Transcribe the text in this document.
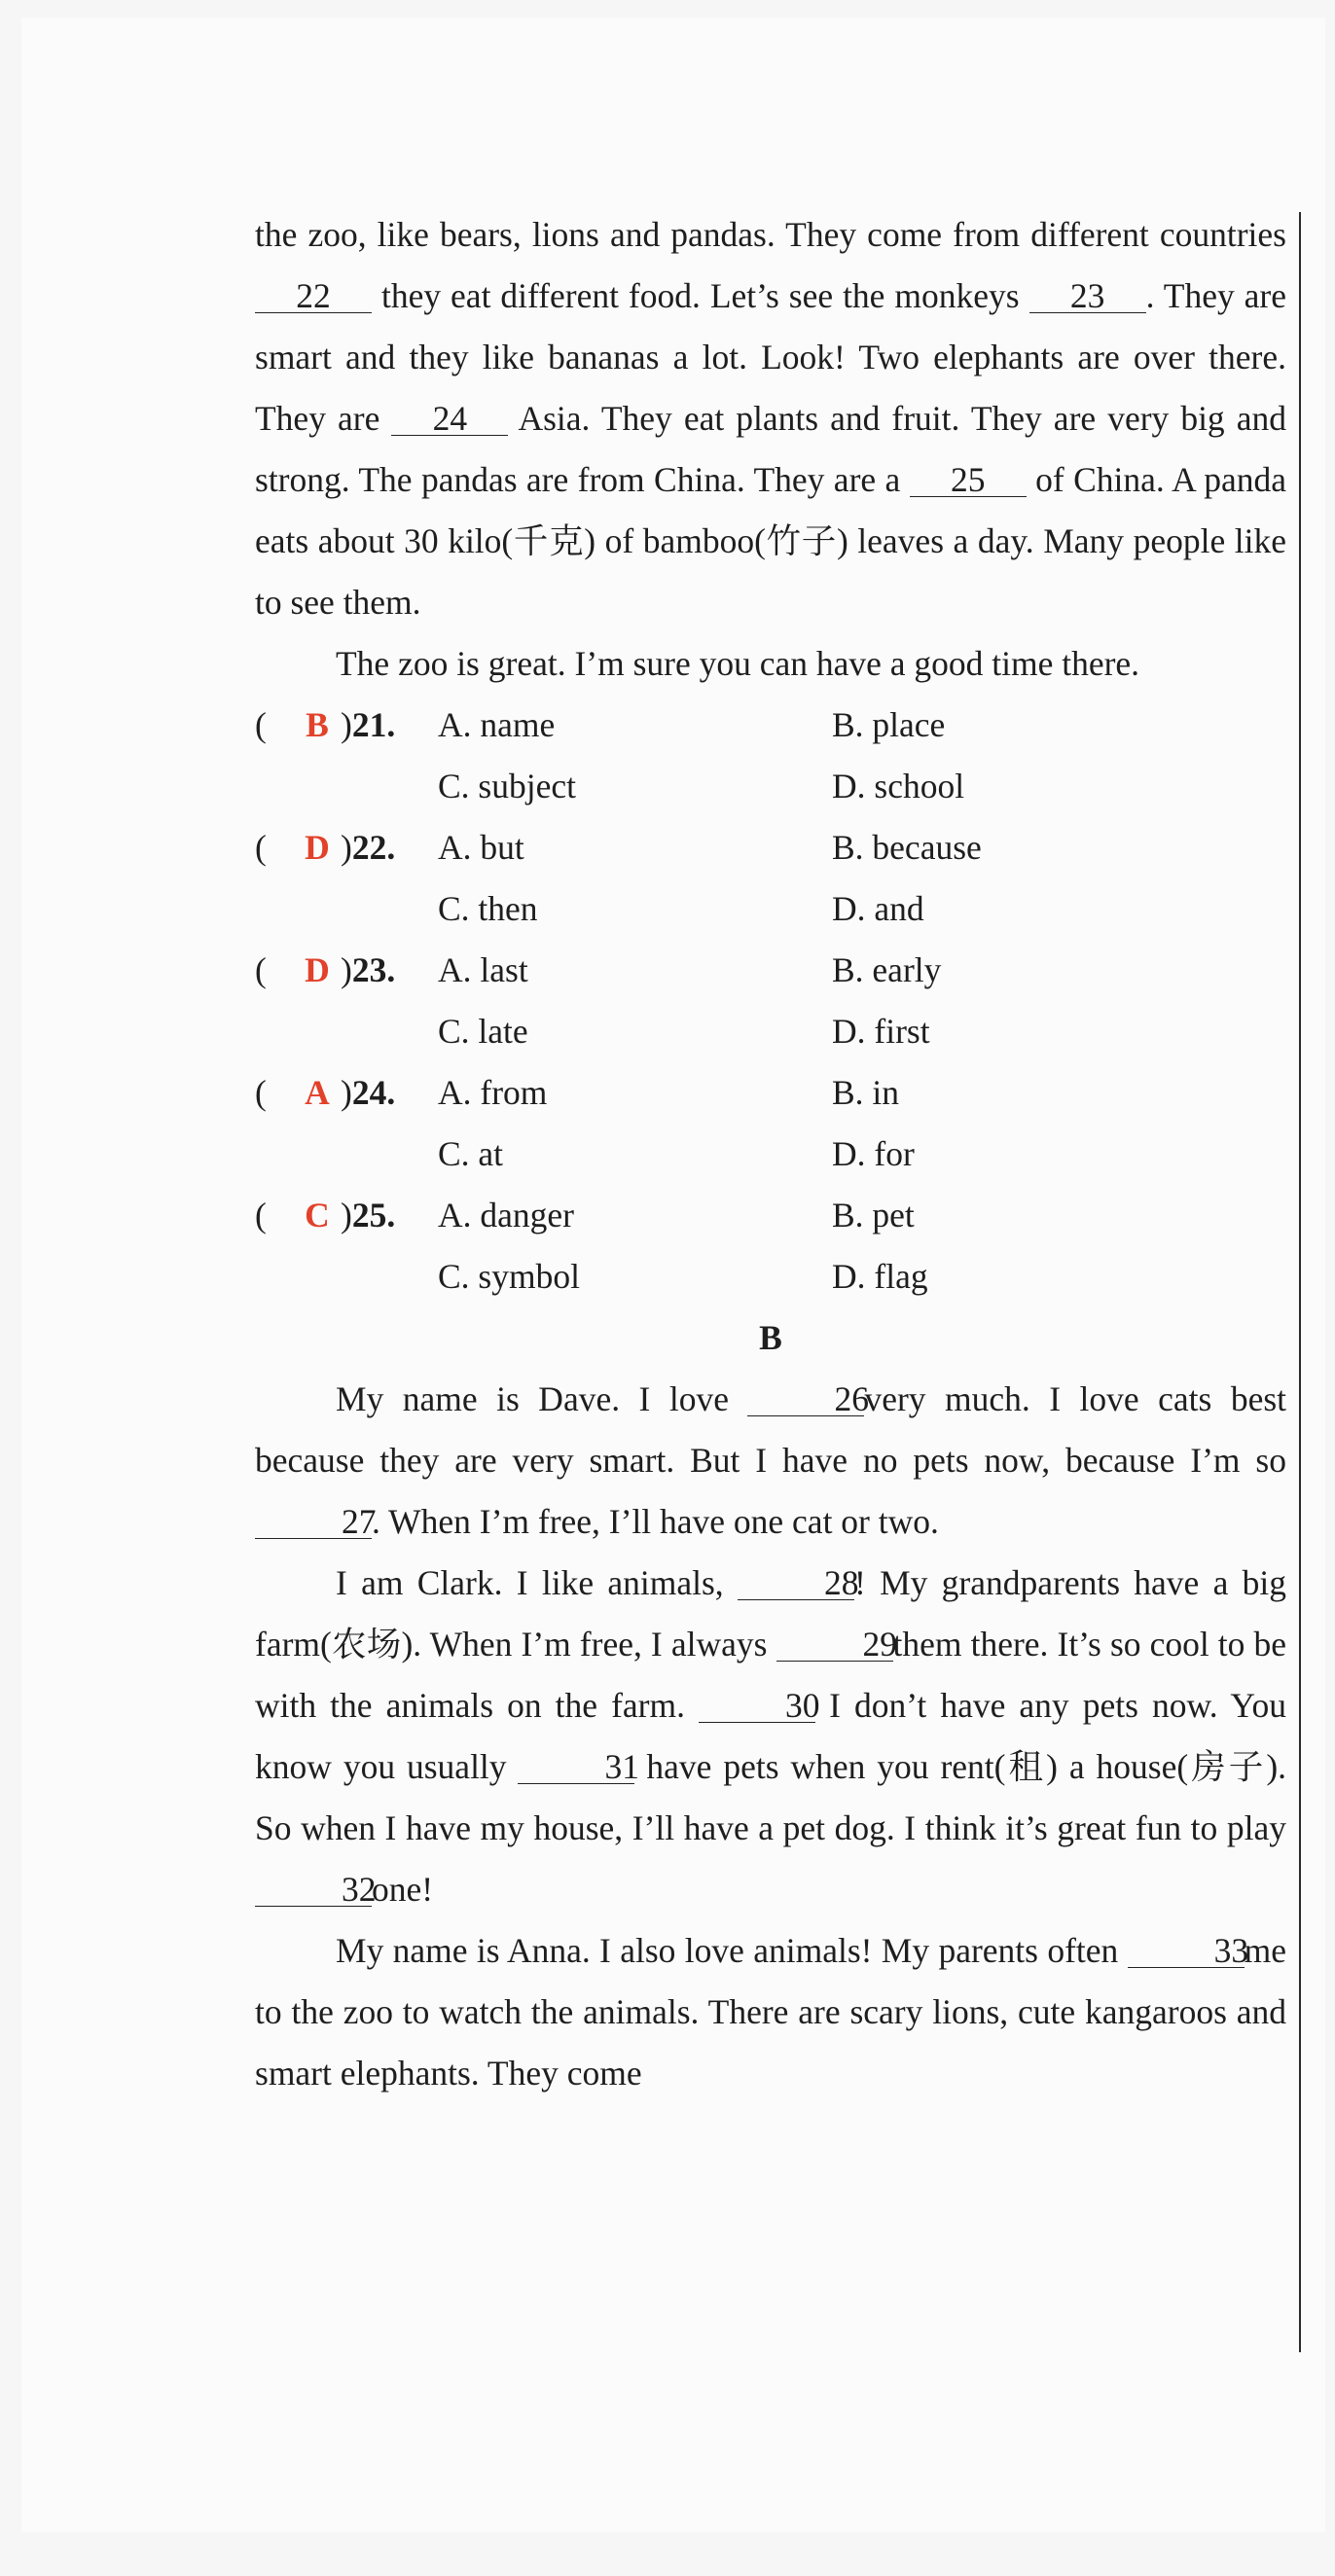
the zoo, like bears, lions and pandas. They come from different countries 22 they eat different food. Let’s see the monkeys 23 . They are smart and they like bananas a lot. Look! Two elephants are over there. They are 24 Asia. They eat plants and fruit. They are very big and strong. The pandas are from China. They are a 25 of China. A panda eats about 30 kilo(千克) of bamboo(竹子) leaves a day. Many people like to see them.

The zoo is great. I’m sure you can have a good time there.

(	B ) 21. A. name	B. place
C. subject	D. school
(	D ) 22. A. but	B. because
C. then	D. and
(	D ) 23. A. last	B. early
C. late	D. first
(	A ) 24. A. from	B. in
C. at	D. for
(	C ) 25. A. danger	B. pet
C. symbol	D. flag
B

My name is Dave. I love	26very much. I love cats best because they are very smart. But I have no pets now, because I’m so 27. When I’m free, I’ll have one cat or two.

I am Clark. I like animals,	28! My grandparents have a big farm(农场). When I’m free, I always	29them there. It’s so cool to be with the animals on the farm.	30 I don’t have any pets now. You know you usually	31 have pets when you rent(租) a house(房子). So when I have my house, I’ll have a pet dog. I think it’s great fun to play 32one!

My name is Anna. I also love animals! My parents often	33me to the zoo to watch the animals. There are scary lions, cute kangaroos and smart elephants. They come
